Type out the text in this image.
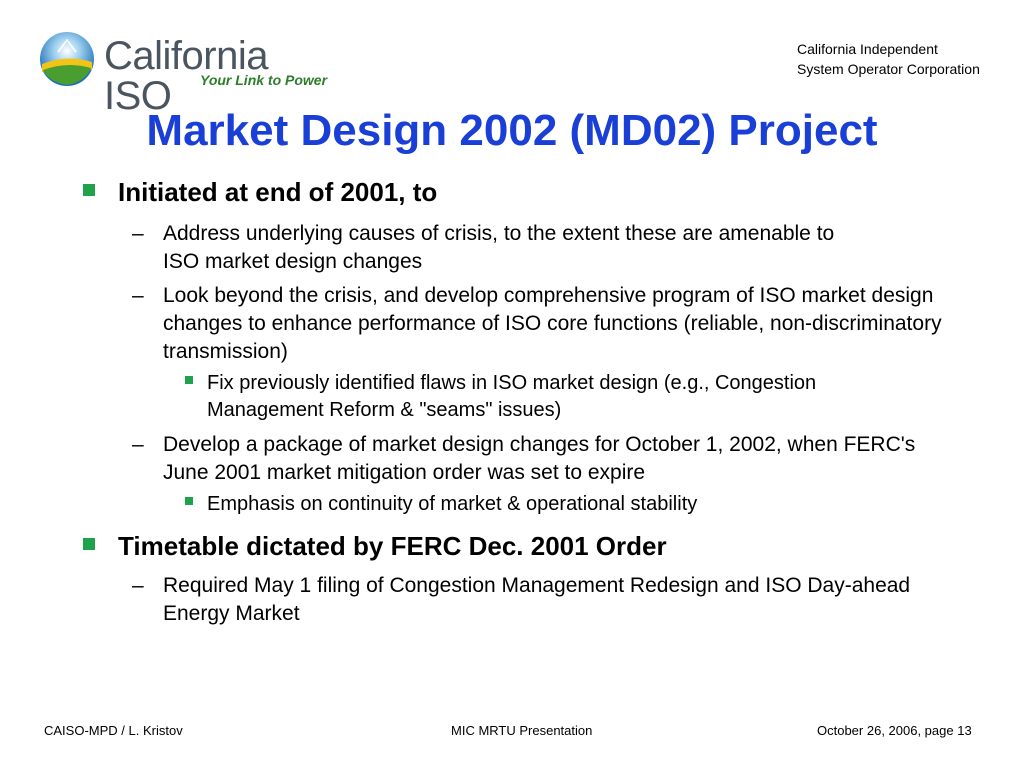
California ISO	Your Link to Power
California Independent
System Operator Corporation
Market Design 2002 (MD02) Project
Initiated at end of 2001, to
– Address underlying causes of crisis, to the extent these are amenable to ISO market design changes
– Look beyond the crisis, and develop comprehensive program of ISO market design changes to enhance performance of ISO core functions (reliable, non-discriminatory transmission)
Fix previously identified flaws in ISO market design (e.g., Congestion Management Reform & "seams" issues)
– Develop a package of market design changes for October 1, 2002, when FERC's June 2001 market mitigation order was set to expire
Emphasis on continuity of market & operational stability
Timetable dictated by FERC Dec. 2001 Order
– Required May 1 filing of Congestion Management Redesign and ISO Day-ahead Energy Market
CAISO-MPD / L. Kristov	MIC MRTU Presentation	October 26, 2006, page 13
